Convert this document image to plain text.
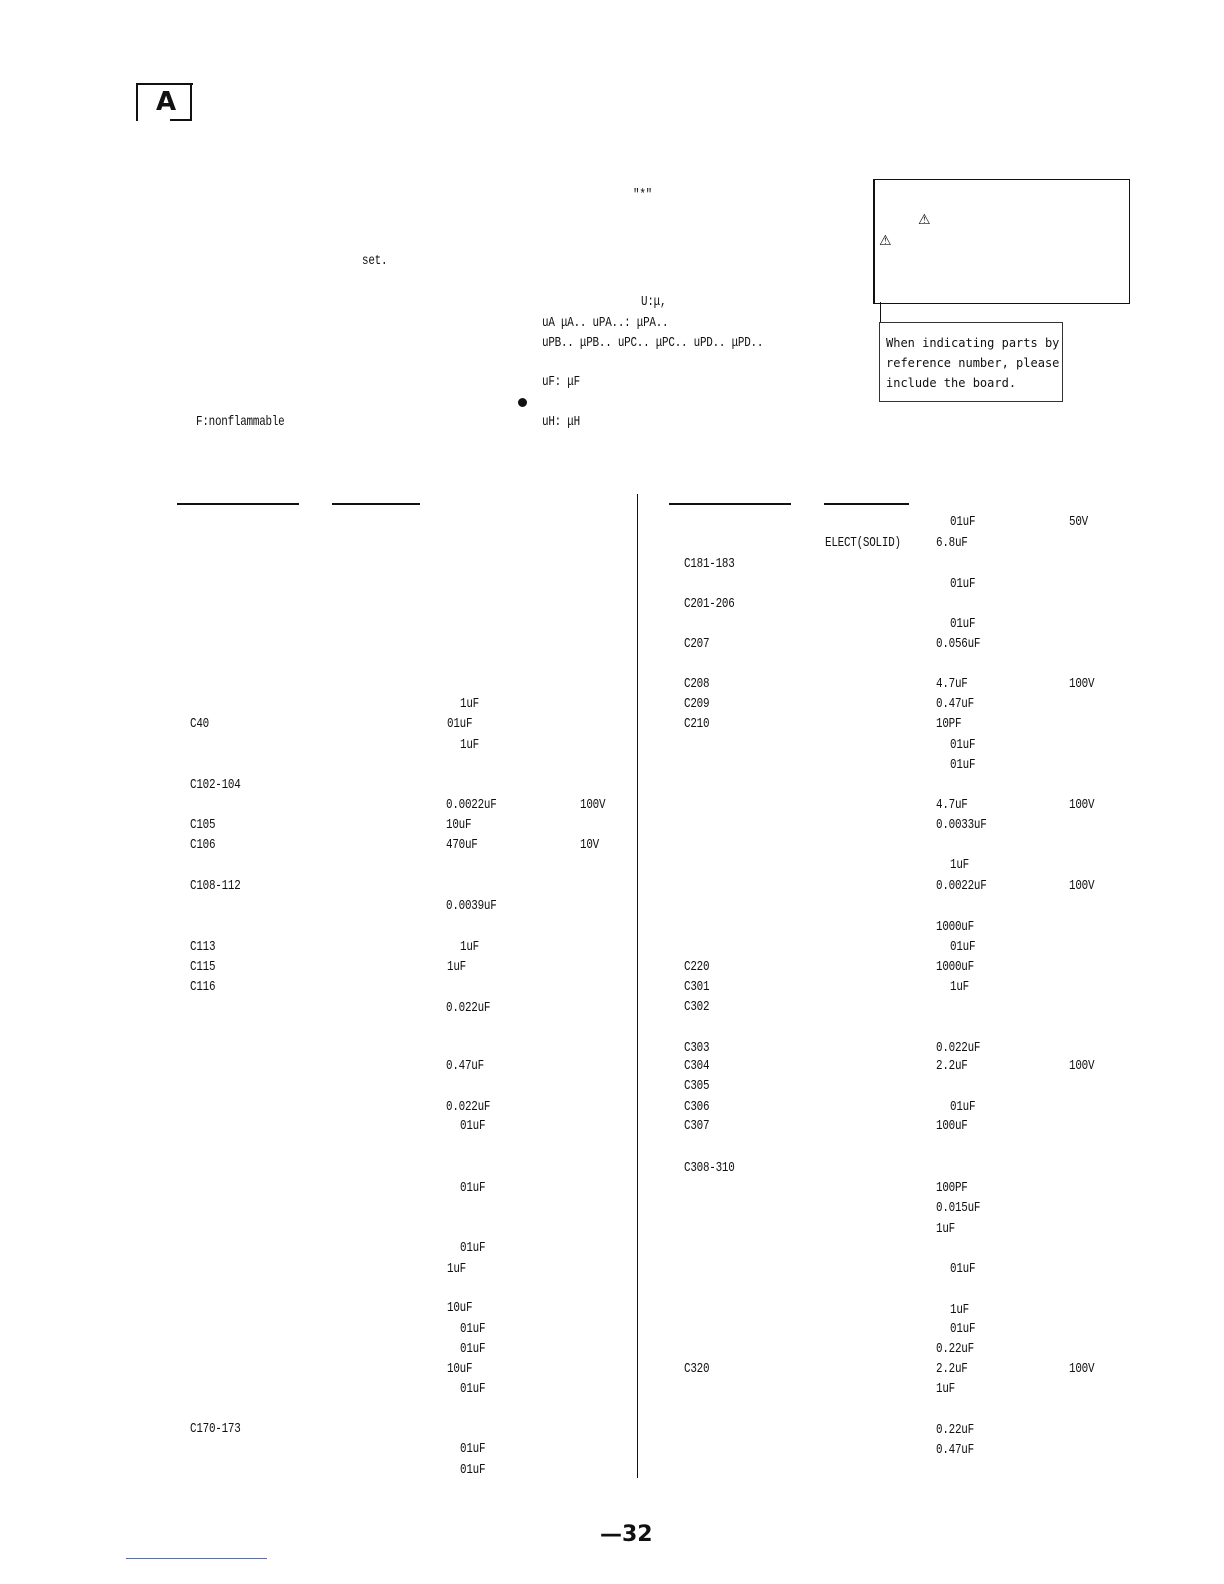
A
"*"
set.
F:nonflammable
U:μ,
uA μA.. uPA..: μPA..
uPB.. μPB.. uPC.. μPC.. uPD.. μPD..
uF: μF
uH: μH
⚠
⚠
When indicating parts by
reference number, please
include the board.
C40
C102-104
C105
C106
C108-112
C113
C115
C116
C170-173
1uF
01uF
1uF
0.0022uF
10uF
470uF
0.0039uF
1uF
1uF
0.022uF
0.47uF
0.022uF
01uF
01uF
01uF
1uF
10uF
01uF
01uF
10uF
01uF
01uF
01uF
100V
10V
C181-183
C201-206
C207
C208
C209
C210
C220
C301
C302
C303
C304
C305
C306
C307
C308-310
C320
ELECT(SOLID)
01uF
6.8uF
01uF
01uF
0.056uF
4.7uF
0.47uF
10PF
01uF
01uF
4.7uF
0.0033uF
1uF
0.0022uF
1000uF
01uF
1000uF
1uF
0.022uF
2.2uF
01uF
100uF
100PF
0.015uF
1uF
01uF
1uF
01uF
0.22uF
2.2uF
1uF
0.22uF
0.47uF
50V
100V
100V
100V
100V
100V
—32
